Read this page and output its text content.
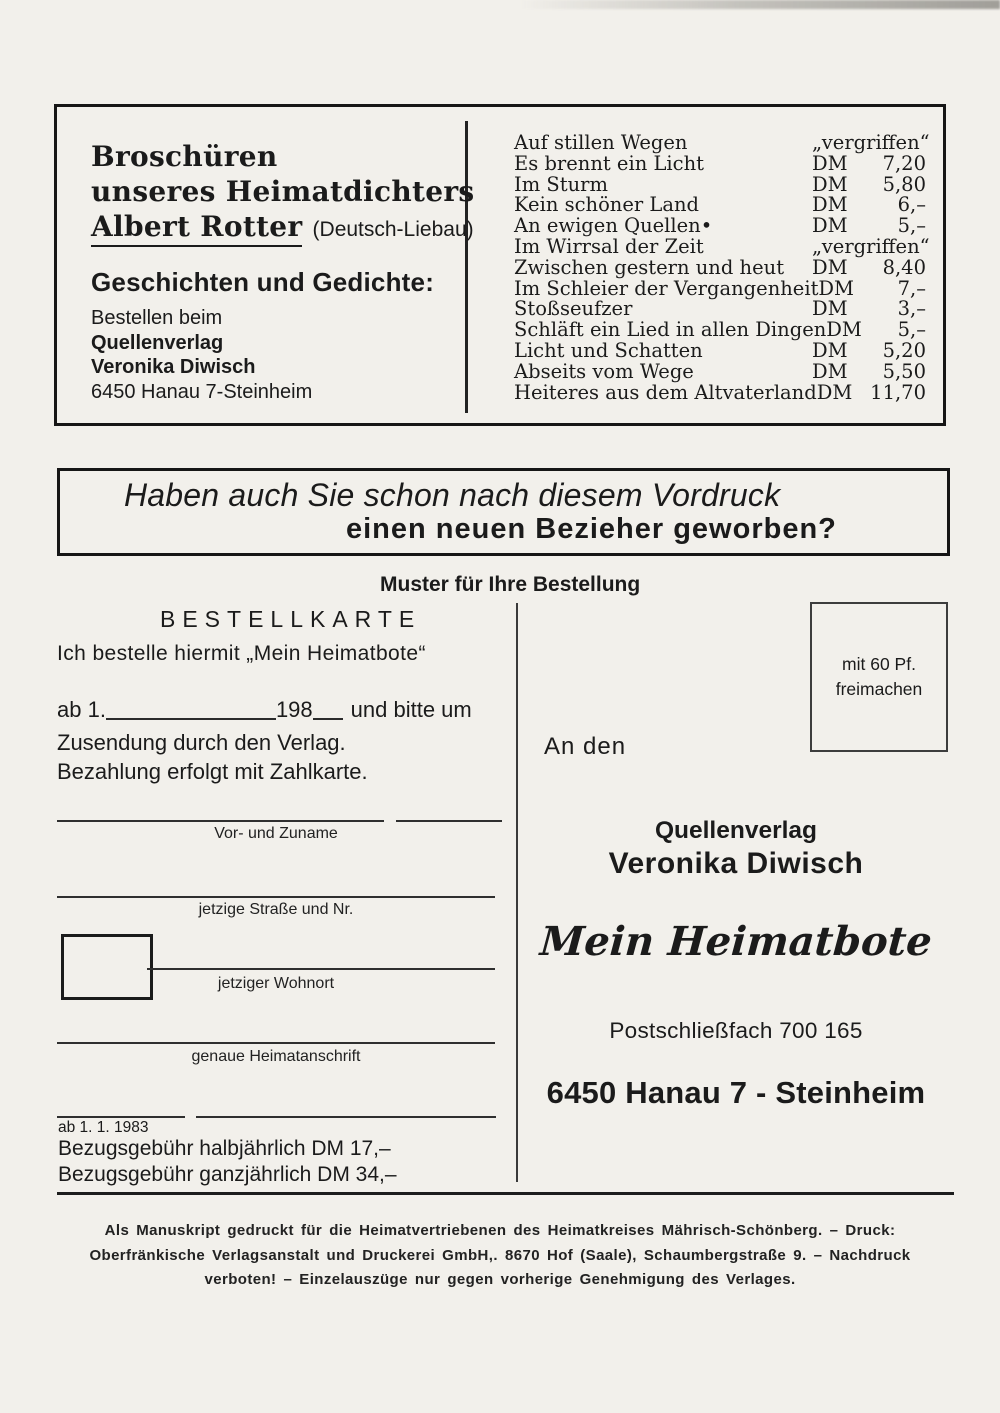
Broschüren
unseres Heimatdichters
Albert Rotter (Deutsch-Liebau)
Geschichten und Gedichte:
Bestellen beim
Quellenverlag
Veronika Diwisch
6450 Hanau 7-Steinheim
Auf stillen Wegen	„vergriffen“
Es brennt ein Licht	DM 7,20
Im Sturm	DM 5,80
Kein schöner Land	DM	6,–
An ewigen Quellen•	DM	5,–
Im Wirrsal der Zeit	„vergriffen“
Zwischen gestern und heut DM 8,40
Im Schleier der Vergangenheit DM 7,–
Stoßseufzer	DM	3,–
Schläft ein Lied in allen Dingen DM 5,–
Licht und Schatten	DM 5,20
Abseits vom Wege	DM 5,50
Heiteres aus dem Altvaterland DM 11,70
Haben auch Sie schon nach diesem Vordruck
einen neuen Bezieher geworben?
Muster für Ihre Bestellung
BESTELLKARTE
Ich bestelle hiermit „Mein Heimatbote“
ab 1.	198 und bitte um
Zusendung durch den Verlag.
Bezahlung erfolgt mit Zahlkarte.
Vor- und Zuname
jetzige Straße und Nr.
jetziger Wohnort
genaue Heimatanschrift
ab 1. 1. 1983
Bezugsgebühr halbjährlich DM 17,–
Bezugsgebühr ganzjährlich DM 34,–
mit 60 Pf.
freimachen
An den
Quellenverlag
Veronika Diwisch
Mein Heimatbote
Postschließfach 700 165
6450 Hanau 7 - Steinheim
Als Manuskript gedruckt für die Heimatvertriebenen des Heimatkreises Mährisch-Schönberg. – Druck:
Oberfränkische Verlagsanstalt und Druckerei GmbH,. 8670 Hof (Saale), Schaumbergstraße 9. – Nachdruck
verboten! – Einzelauszüge nur gegen vorherige Genehmigung des Verlages.
